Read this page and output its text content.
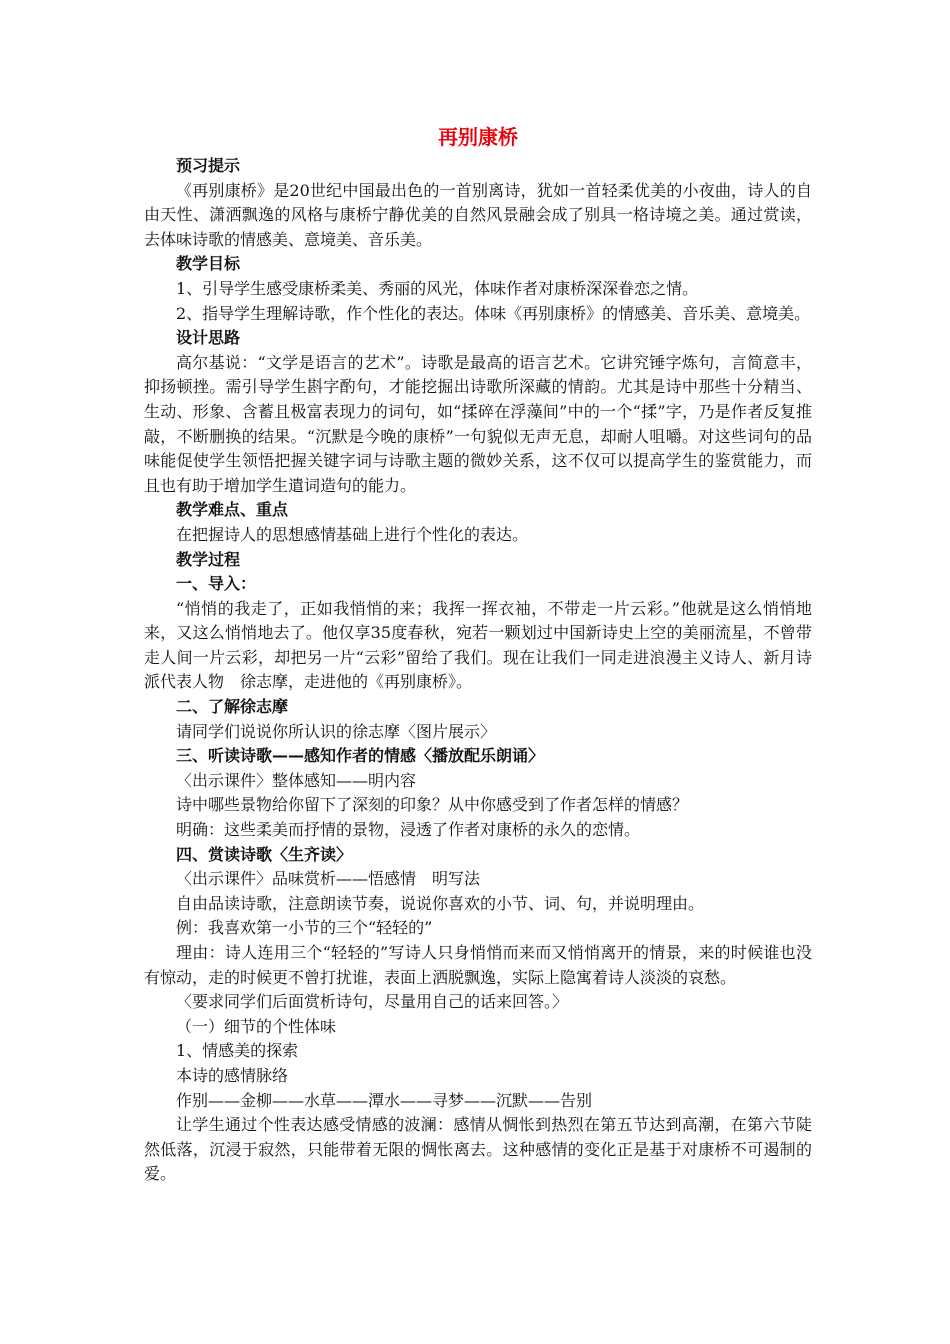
再别康桥

预习提示

《再别康桥》是20世纪中国最出色的一首别离诗，犹如一首轻柔优美的小夜曲，诗人的自由天性、潇洒飘逸的风格与康桥宁静优美的自然风景融会成了别具一格诗境之美。通过赏读，去体味诗歌的情感美、意境美、音乐美。

教学目标

1、引导学生感受康桥柔美、秀丽的风光，体味作者对康桥深深眷恋之情。

2、指导学生理解诗歌，作个性化的表达。体味《再别康桥》的情感美、音乐美、意境美。

设计思路

高尔基说：“文学是语言的艺术”。诗歌是最高的语言艺术。它讲究锤字炼句，言简意丰，抑扬顿挫。需引导学生斟字酌句，才能挖掘出诗歌所深藏的情韵。尤其是诗中那些十分精当、生动、形象、含蓄且极富表现力的词句，如“揉碎在浮藻间”中的一个“揉”字，乃是作者反复推敲，不断删换的结果。“沉默是今晚的康桥”一句貌似无声无息，却耐人咀嚼。对这些词句的品味能促使学生领悟把握关键字词与诗歌主题的微妙关系，这不仅可以提高学生的鉴赏能力，而且也有助于增加学生遣词造句的能力。

教学难点、重点

在把握诗人的思想感情基础上进行个性化的表达。

教学过程

一、导入：

“悄悄的我走了，正如我悄悄的来；我挥一挥衣袖，不带走一片云彩。”他就是这么悄悄地来，又这么悄悄地去了。他仅享35度春秋，宛若一颗划过中国新诗史上空的美丽流星，不曾带走人间一片云彩，却把另一片“云彩”留给了我们。现在让我们一同走进浪漫主义诗人、新月诗派代表人物　徐志摩，走进他的《再别康桥》。

二、了解徐志摩

请同学们说说你所认识的徐志摩〈图片展示〉

三、听读诗歌——感知作者的情感〈播放配乐朗诵〉

〈出示课件〉整体感知——明内容

诗中哪些景物给你留下了深刻的印象？从中你感受到了作者怎样的情感？

明确：这些柔美而抒情的景物，浸透了作者对康桥的永久的恋情。

四、赏读诗歌〈生齐读〉

〈出示课件〉品味赏析——悟感情　明写法

自由品读诗歌，注意朗读节奏，说说你喜欢的小节、词、句，并说明理由。

例：我喜欢第一小节的三个“轻轻的”

理由：诗人连用三个“轻轻的”写诗人只身悄悄而来而又悄悄离开的情景，来的时候谁也没有惊动，走的时候更不曾打扰谁，表面上洒脱飘逸，实际上隐寓着诗人淡淡的哀愁。

〈要求同学们后面赏析诗句，尽量用自己的话来回答。〉

（一）细节的个性体味

1、情感美的探索

本诗的感情脉络

作别——金柳——水草——潭水——寻梦——沉默——告别

让学生通过个性表达感受情感的波澜：感情从惆怅到热烈在第五节达到高潮，在第六节陡然低落，沉浸于寂然，只能带着无限的惆怅离去。这种感情的变化正是基于对康桥不可遏制的爱。
